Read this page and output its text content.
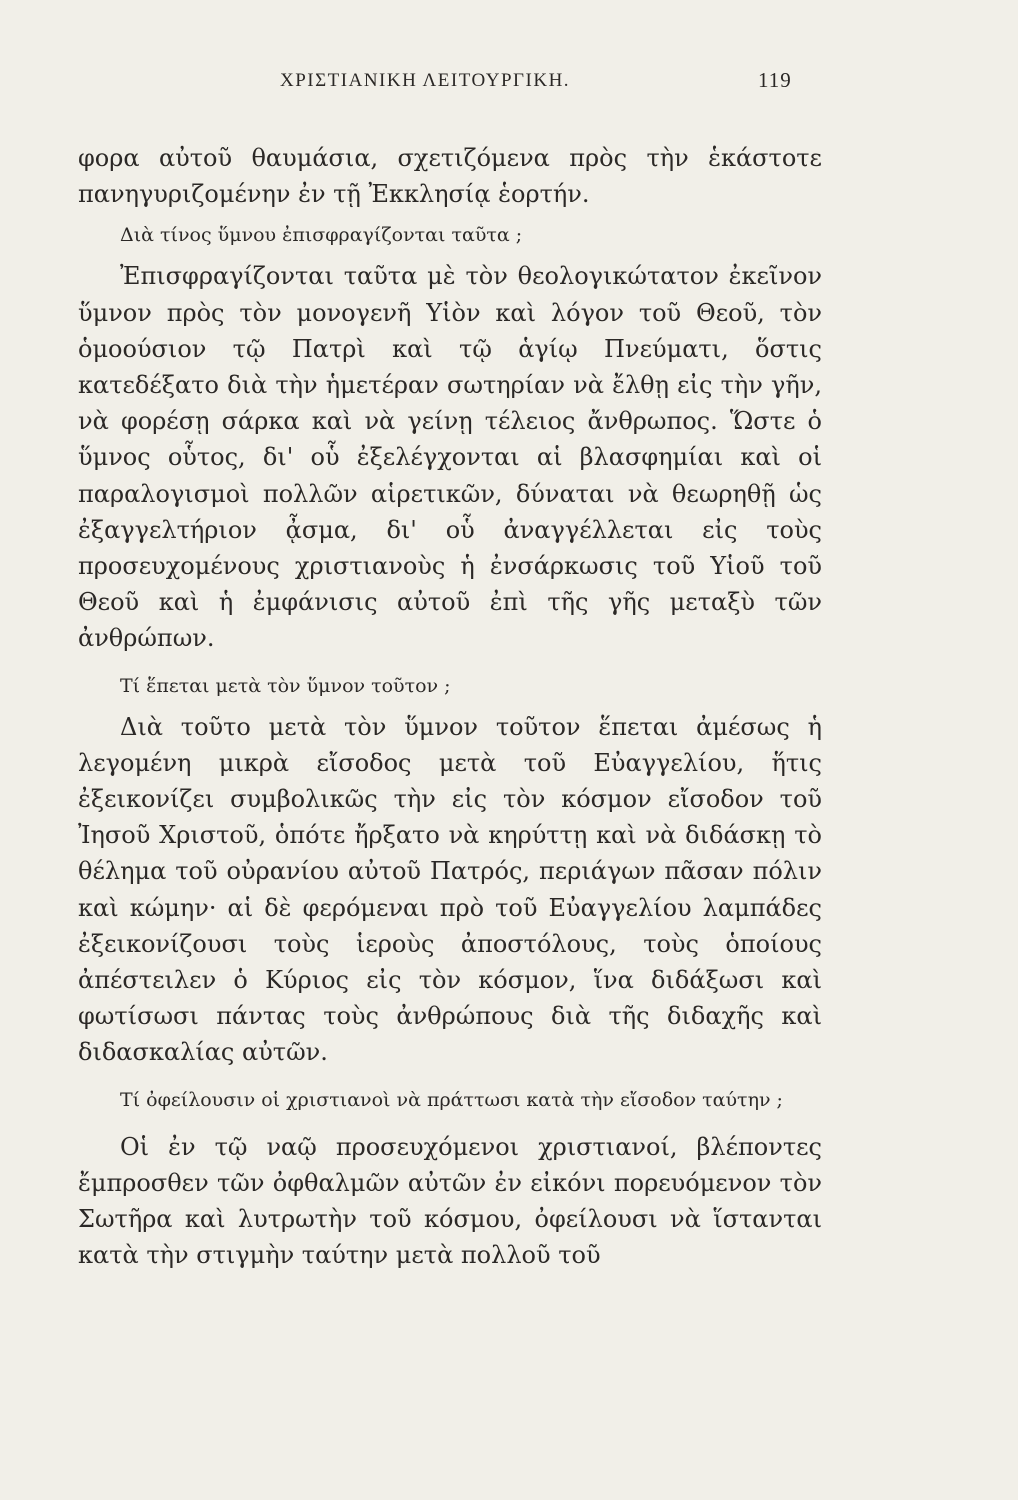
ΧΡΙΣΤΙΑΝΙΚΗ ΛΕΙΤΟΥΡΓΙΚΗ.	119

φορα αὐτοῦ θαυμάσια, σχετιζόμενα πρὸς τὴν ἑκάστοτε πανηγυριζομένην ἐν τῇ Ἐκκλησίᾳ ἑορτήν.

Διὰ τίνος ὕμνου ἐπισφραγίζονται ταῦτα ;

Ἐπισφραγίζονται ταῦτα μὲ τὸν θεολογικώτατον ἐκεῖνον ὕμνον πρὸς τὸν μονογενῆ Υἱὸν καὶ λόγον τοῦ Θεοῦ, τὸν ὁμοούσιον τῷ Πατρὶ καὶ τῷ ἁγίῳ Πνεύματι, ὅστις κατεδέξατο διὰ τὴν ἡμετέραν σωτηρίαν νὰ ἔλθῃ εἰς τὴν γῆν, νὰ φορέσῃ σάρκα καὶ νὰ γείνῃ τέλειος ἄνθρωπος. Ὥστε ὁ ὕμνος οὗτος, δι' οὗ ἐξελέγχονται αἱ βλασφημίαι καὶ οἱ παραλογισμοὶ πολλῶν αἱρετικῶν, δύναται νὰ θεωρηθῇ ὡς ἐξαγγελτήριον ᾆσμα, δι' οὗ ἀναγγέλλεται εἰς τοὺς προσευχομένους χριστιανοὺς ἡ ἐνσάρκωσις τοῦ Υἱοῦ τοῦ Θεοῦ καὶ ἡ ἐμφάνισις αὐτοῦ ἐπὶ τῆς γῆς μεταξὺ τῶν ἀνθρώπων.

Τί ἕπεται μετὰ τὸν ὕμνον τοῦτον ;

Διὰ τοῦτο μετὰ τὸν ὕμνον τοῦτον ἕπεται ἀμέσως ἡ λεγομένη μικρὰ εἴσοδος μετὰ τοῦ Εὐαγγελίου, ἥτις ἐξεικονίζει συμβολικῶς τὴν εἰς τὸν κόσμον εἴσοδον τοῦ Ἰησοῦ Χριστοῦ, ὁπότε ἤρξατο νὰ κηρύττῃ καὶ νὰ διδάσκῃ τὸ θέλημα τοῦ οὐρανίου αὐτοῦ Πατρός, περιάγων πᾶσαν πόλιν καὶ κώμην· αἱ δὲ φερόμεναι πρὸ τοῦ Εὐαγγελίου λαμπάδες ἐξεικονίζουσι τοὺς ἱεροὺς ἀποστόλους, τοὺς ὁποίους ἀπέστειλεν ὁ Κύριος εἰς τὸν κόσμον, ἵνα διδάξωσι καὶ φωτίσωσι πάντας τοὺς ἀνθρώπους διὰ τῆς διδαχῆς καὶ διδασκαλίας αὐτῶν.

Τί ὀφείλουσιν οἱ χριστιανοὶ νὰ πράττωσι κατὰ τὴν εἴσοδον ταύτην ;

Οἱ ἐν τῷ ναῷ προσευχόμενοι χριστιανοί, βλέποντες ἔμπροσθεν τῶν ὀφθαλμῶν αὐτῶν ἐν εἰκόνι πορευόμενον τὸν Σωτῆρα καὶ λυτρωτὴν τοῦ κόσμου, ὀφείλουσι νὰ ἵστανται κατὰ τὴν στιγμὴν ταύτην μετὰ πολλοῦ τοῦ
